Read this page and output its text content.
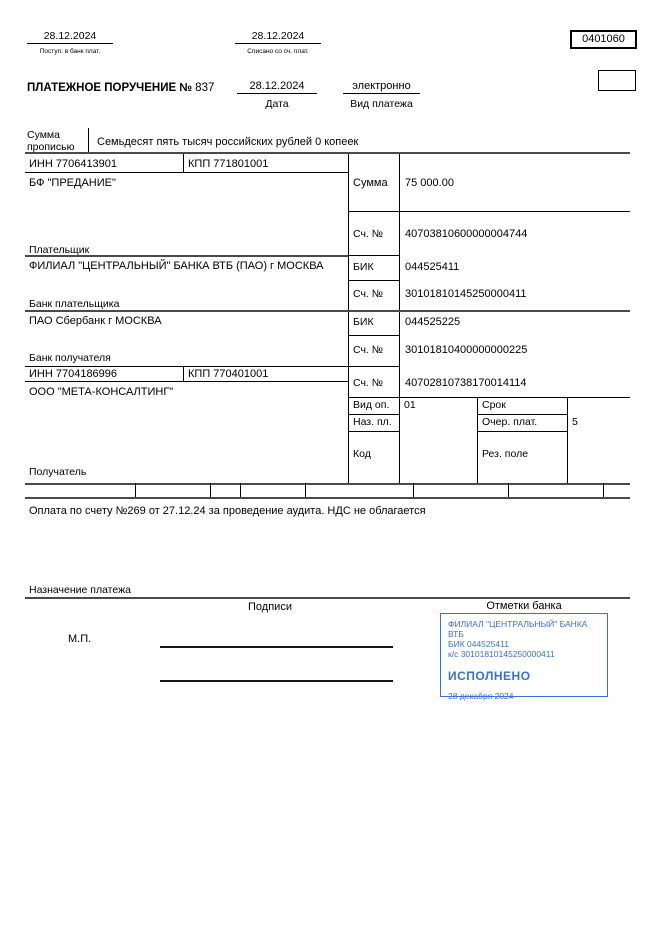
28.12.2024
Поступ. в банк плат.
28.12.2024
Списано со сч. плат.
0401060
ПЛАТЕЖНОЕ ПОРУЧЕНИЕ № 837	28.12.2024
Дата
электронно
Вид платежа
Сумма прописью	Семьдесят пять тысяч российских рублей 0 копеек
ИНН 7706413901	КПП 771801001
БФ "ПРЕДАНИЕ"
Плательщик
ФИЛИАЛ "ЦЕНТРАЛЬНЫЙ" БАНКА ВТБ (ПАО) г МОСКВА
Банк плательщика
ПАО Сбербанк г МОСКВА
Банк получателя
ИНН 7704186996	КПП 770401001
ООО "МЕТА-КОНСАЛТИНГ"
Получатель
Сумма 75 000.00
Сч. № 40703810600000004744
БИК	044525411
Сч. № 30101810145250000411
БИК	044525225
Сч. № 30101810400000000225
Сч. № 40702810738170014114
Вид оп. 01	Срок
Наз. пл.	Очер. плат.	5
Код	Рез. поле
Оплата по счету №269 от 27.12.24 за проведение аудита. НДС не облагается
Назначение платежа
Подписи	Отметки банка
М.П.
ФИЛИАЛ "ЦЕНТРАЛЬНЫЙ" БАНКА ВТБ
БИК 044525411
к/с 30101810145250000411
ИСПОЛНЕНО
28 декабря 2024
